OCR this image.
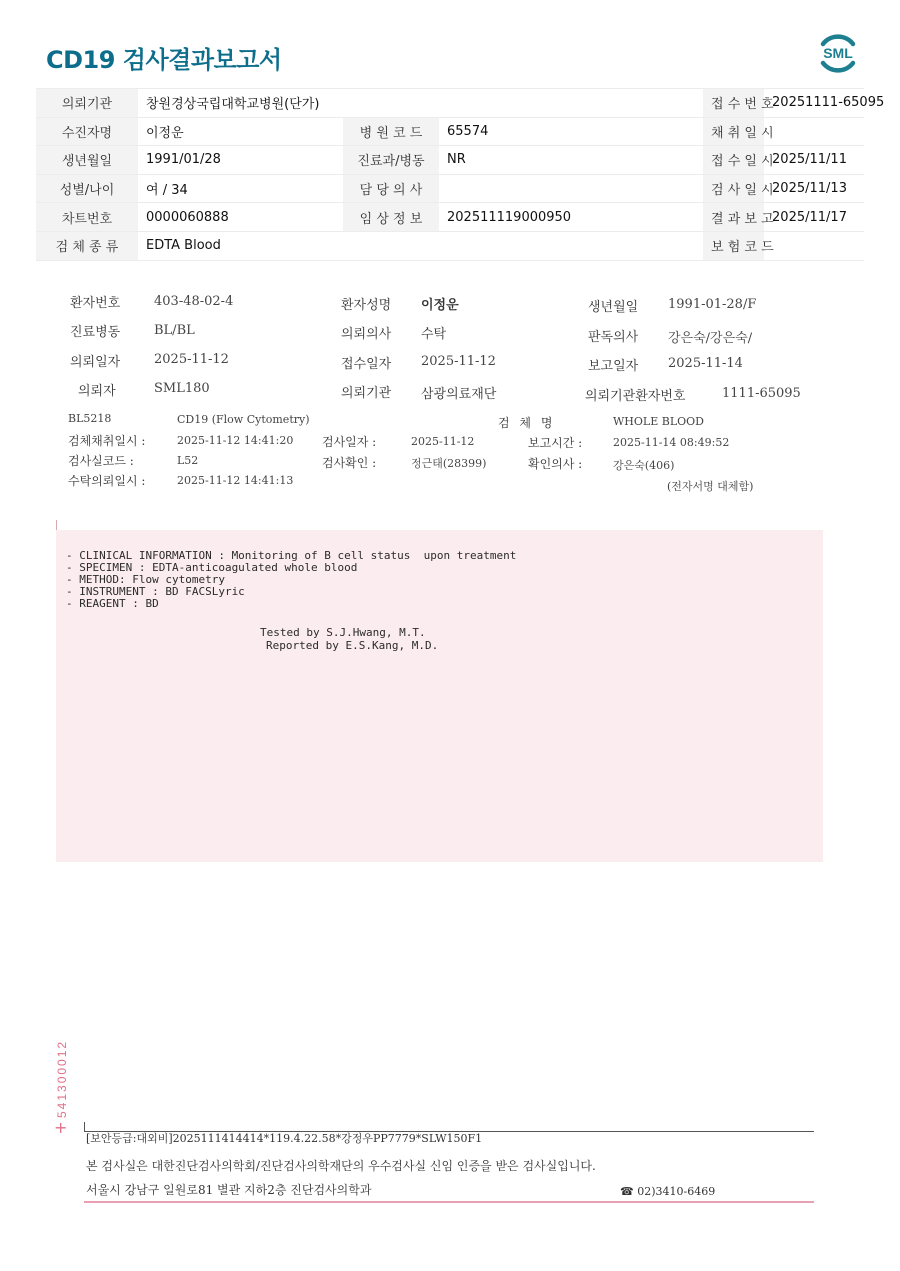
CD19 검사결과보고서	SML
의뢰기관	창원경상국립대학교병원(단가)				접 수 번 호	20251111-65095
수진자명	이정운	병 원 코 드	65574		채 취 일 시	
생년월일	1991/01/28	진료과/병동	NR		접 수 일 시	2025/11/11
성별/나이	여 / 34	담 당 의 사			검 사 일 시	2025/11/13
차트번호	0000060888	임 상 정 보	202511119000950		결 과 보 고	2025/11/17
검 체 종 류	EDTA Blood				보 험 코 드	
환자번호	403-48-02-4	환자성명 이정운	생년월일 1991-01-28/F
진료병동	BL/BL	의뢰의사 수탁	판독의사 강은숙/강은숙/
의뢰일자	2025-11-12	접수일자 2025-11-12	보고일자 2025-11-14
의뢰자	SML180	의뢰기관 삼광의료재단	의뢰기관환자번호	1111-65095
BL5218	CD19 (Flow Cytometry)	검 체 명	WHOLE BLOOD
검체채취일시 :	2025-11-12 14:41:20 검사일자 :	2025-11-12	보고시간 :	2025-11-14 08:49:52
검사실코드 :	L52	검사확인 :	정근태(28399)	확인의사 :	강은숙(406)
수탁의뢰일시 :	2025-11-12 14:41:13	(전자서명 대체함)
- CLINICAL INFORMATION : Monitoring of B cell status  upon treatment
- SPECIMEN : EDTA-anticoagulated whole blood
- METHOD: Flow cytometry
- INSTRUMENT : BD FACSLyric
- REAGENT : BD
Tested by S.J.Hwang, M.T.
Reported by E.S.Kang, M.D.
541300012
+
[보안등급:대외비]2025111414414*119.4.22.58*강정우PP7779*SLW150F1
본 검사실은 대한진단검사의학회/진단검사의학재단의 우수검사실 신임 인증을 받은 검사실입니다.
서울시 강남구 일원로81 별관 지하2층 진단검사의학과	☎ 02)3410-6469
